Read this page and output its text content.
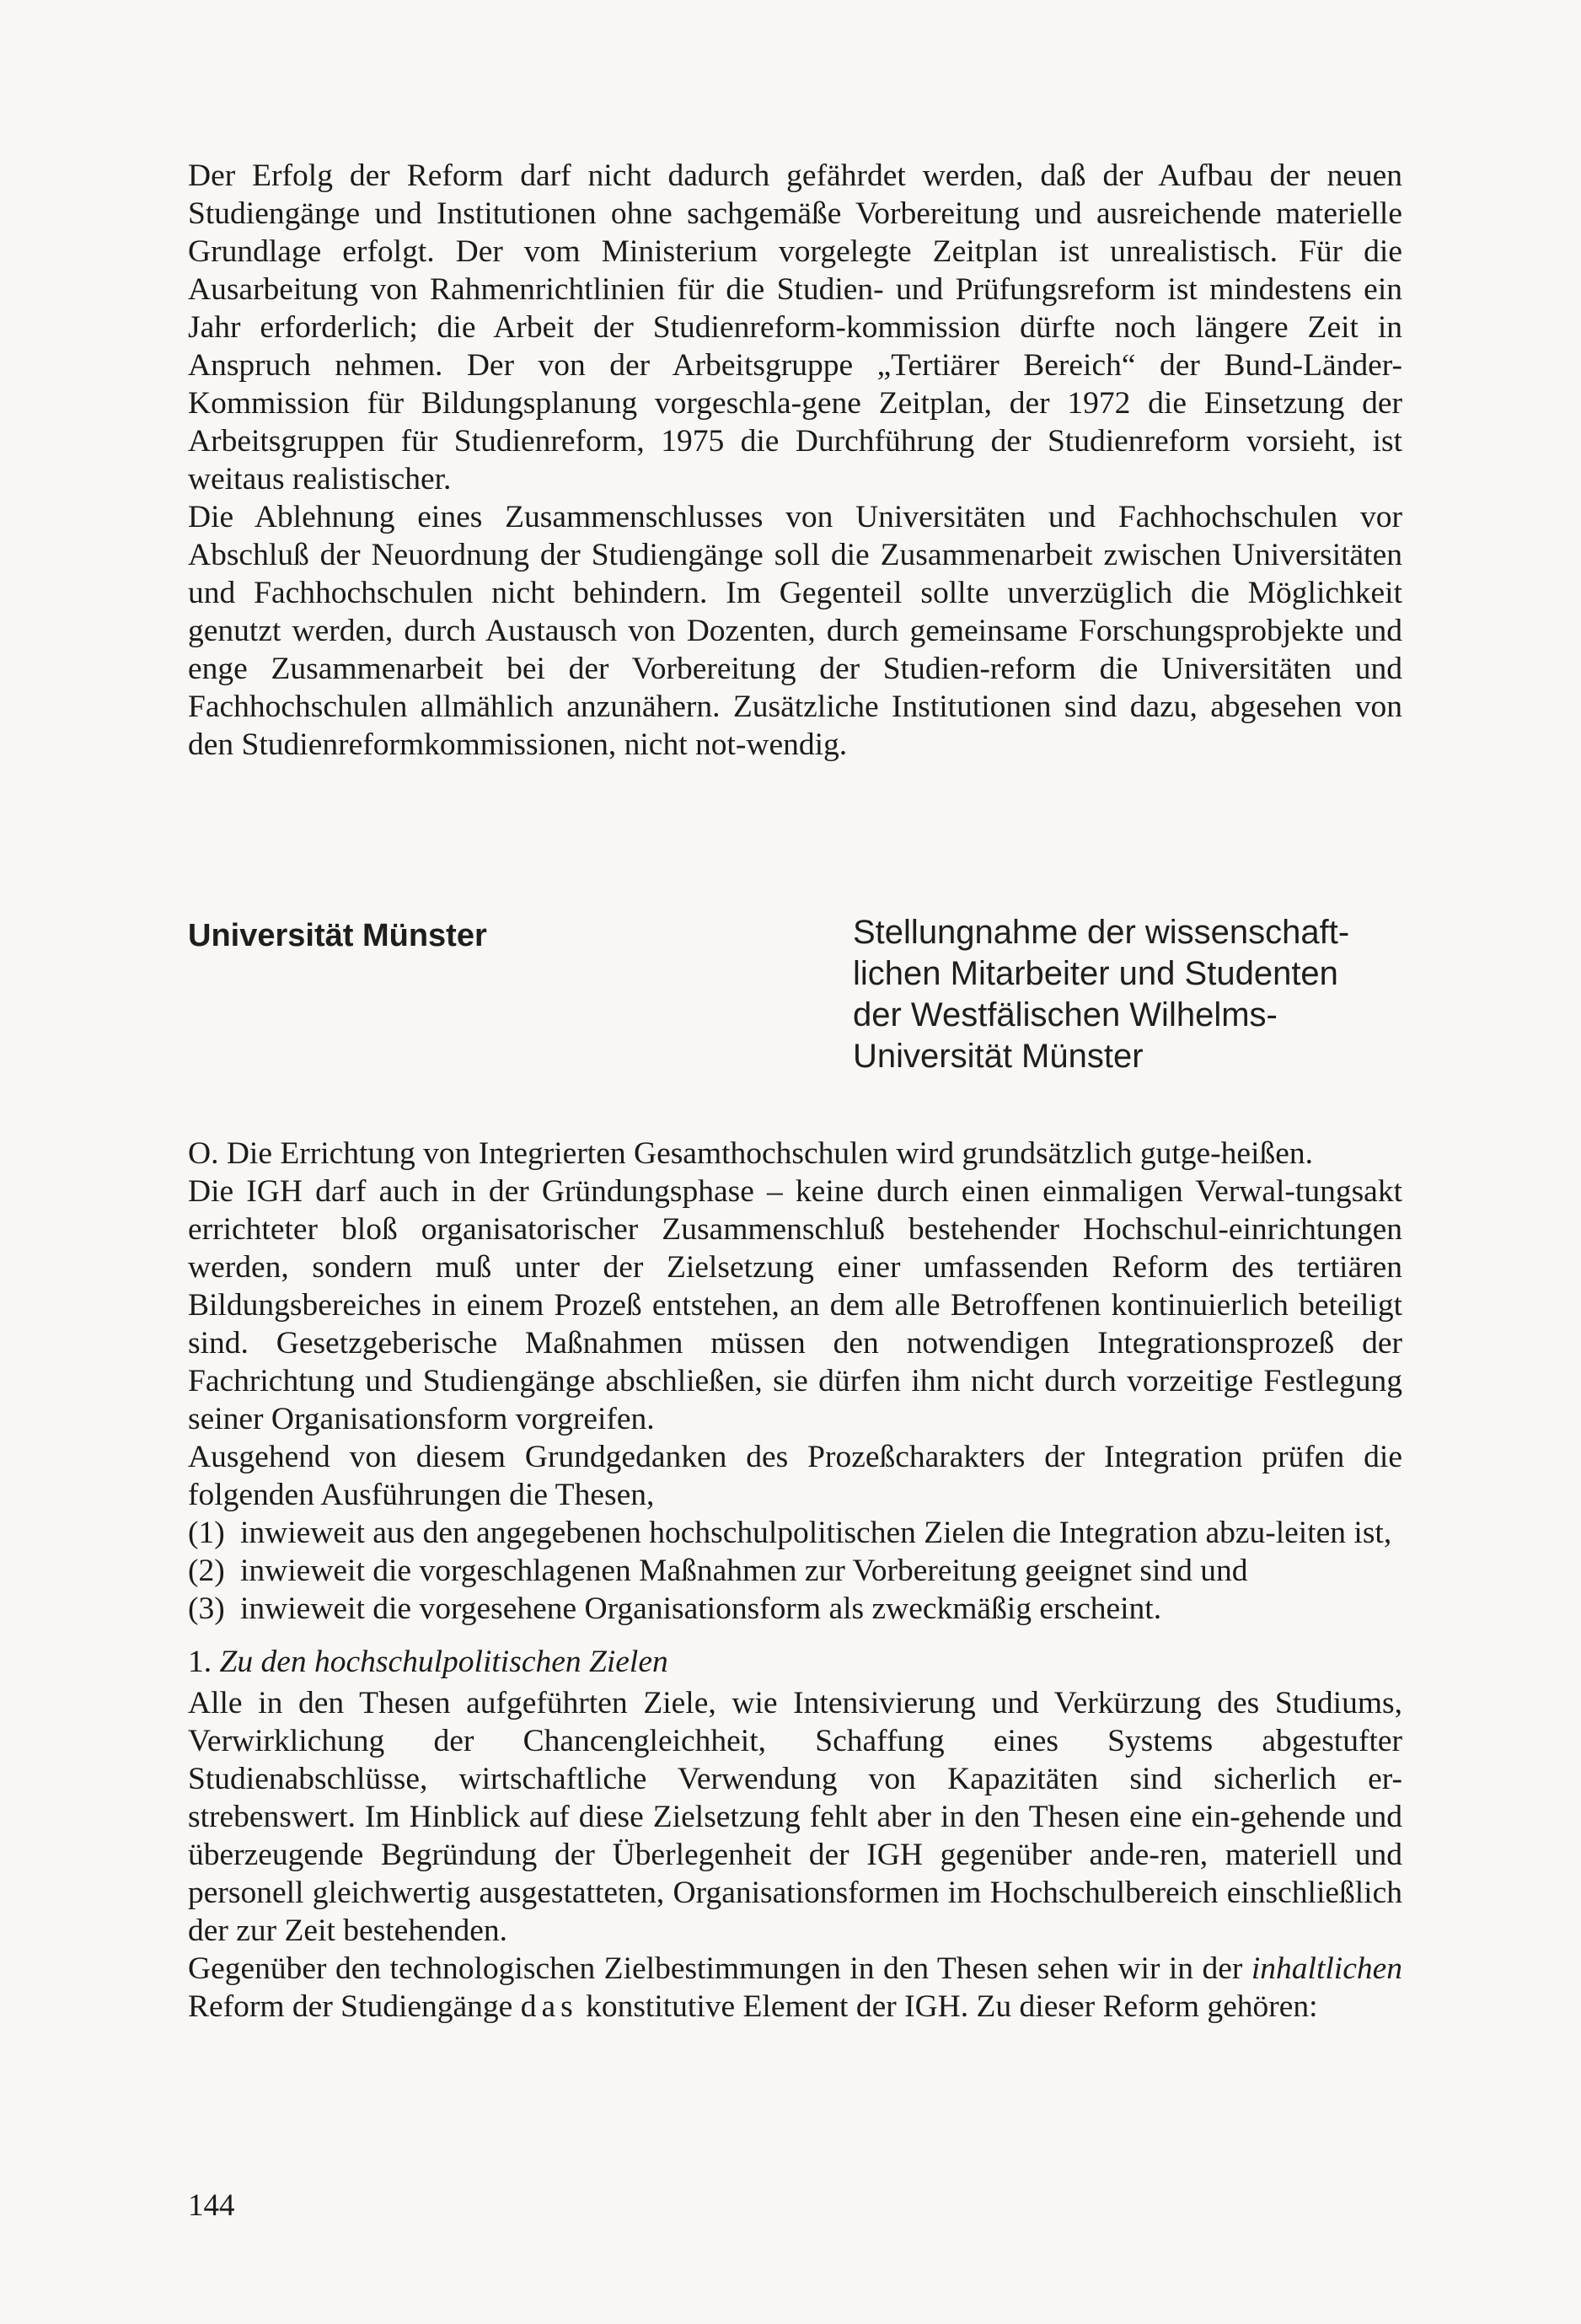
Der Erfolg der Reform darf nicht dadurch gefährdet werden, daß der Aufbau der neuen Studiengänge und Institutionen ohne sachgemäße Vorbereitung und ausreichende materielle Grundlage erfolgt. Der vom Ministerium vorgelegte Zeitplan ist unrealistisch. Für die Ausarbeitung von Rahmenrichtlinien für die Studien- und Prüfungsreform ist mindestens ein Jahr erforderlich; die Arbeit der Studienreform-kommission dürfte noch längere Zeit in Anspruch nehmen. Der von der Arbeitsgruppe „Tertiärer Bereich“ der Bund-Länder-Kommission für Bildungsplanung vorgeschla-gene Zeitplan, der 1972 die Einsetzung der Arbeitsgruppen für Studienreform, 1975 die Durchführung der Studienreform vorsieht, ist weitaus realistischer.

Die Ablehnung eines Zusammenschlusses von Universitäten und Fachhochschulen vor Abschluß der Neuordnung der Studiengänge soll die Zusammenarbeit zwischen Universitäten und Fachhochschulen nicht behindern. Im Gegenteil sollte unverzüglich die Möglichkeit genutzt werden, durch Austausch von Dozenten, durch gemeinsame Forschungsprobjekte und enge Zusammenarbeit bei der Vorbereitung der Studien-reform die Universitäten und Fachhochschulen allmählich anzunähern. Zusätzliche Institutionen sind dazu, abgesehen von den Studienreformkommissionen, nicht not-wendig.

Universität Münster	Stellungnahme der wissenschaft-
lichen Mitarbeiter und Studenten
der Westfälischen Wilhelms-
Universität Münster

O. Die Errichtung von Integrierten Gesamthochschulen wird grundsätzlich gutge-heißen.

Die IGH darf auch in der Gründungsphase – keine durch einen einmaligen Verwal-tungsakt errichteter bloß organisatorischer Zusammenschluß bestehender Hochschul-einrichtungen werden, sondern muß unter der Zielsetzung einer umfassenden Reform des tertiären Bildungsbereiches in einem Prozeß entstehen, an dem alle Betroffenen kontinuierlich beteiligt sind. Gesetzgeberische Maßnahmen müssen den notwendigen Integrationsprozeß der Fachrichtung und Studiengänge abschließen, sie dürfen ihm nicht durch vorzeitige Festlegung seiner Organisationsform vorgreifen.

Ausgehend von diesem Grundgedanken des Prozeßcharakters der Integration prüfen die folgenden Ausführungen die Thesen,

(1) inwieweit aus den angegebenen hochschulpolitischen Zielen die Integration abzu-leiten ist,
(2) inwieweit die vorgeschlagenen Maßnahmen zur Vorbereitung geeignet sind und
(3) inwieweit die vorgesehene Organisationsform als zweckmäßig erscheint.

1. Zu den hochschulpolitischen Zielen

Alle in den Thesen aufgeführten Ziele, wie Intensivierung und Verkürzung des Studiums, Verwirklichung der Chancengleichheit, Schaffung eines Systems abgestufter Studienabschlüsse, wirtschaftliche Verwendung von Kapazitäten sind sicherlich er-strebenswert. Im Hinblick auf diese Zielsetzung fehlt aber in den Thesen eine ein-gehende und überzeugende Begründung der Überlegenheit der IGH gegenüber ande-ren, materiell und personell gleichwertig ausgestatteten, Organisationsformen im Hochschulbereich einschließlich der zur Zeit bestehenden.

Gegenüber den technologischen Zielbestimmungen in den Thesen sehen wir in der inhaltlichen Reform der Studiengänge das konstitutive Element der IGH. Zu dieser Reform gehören:

144
